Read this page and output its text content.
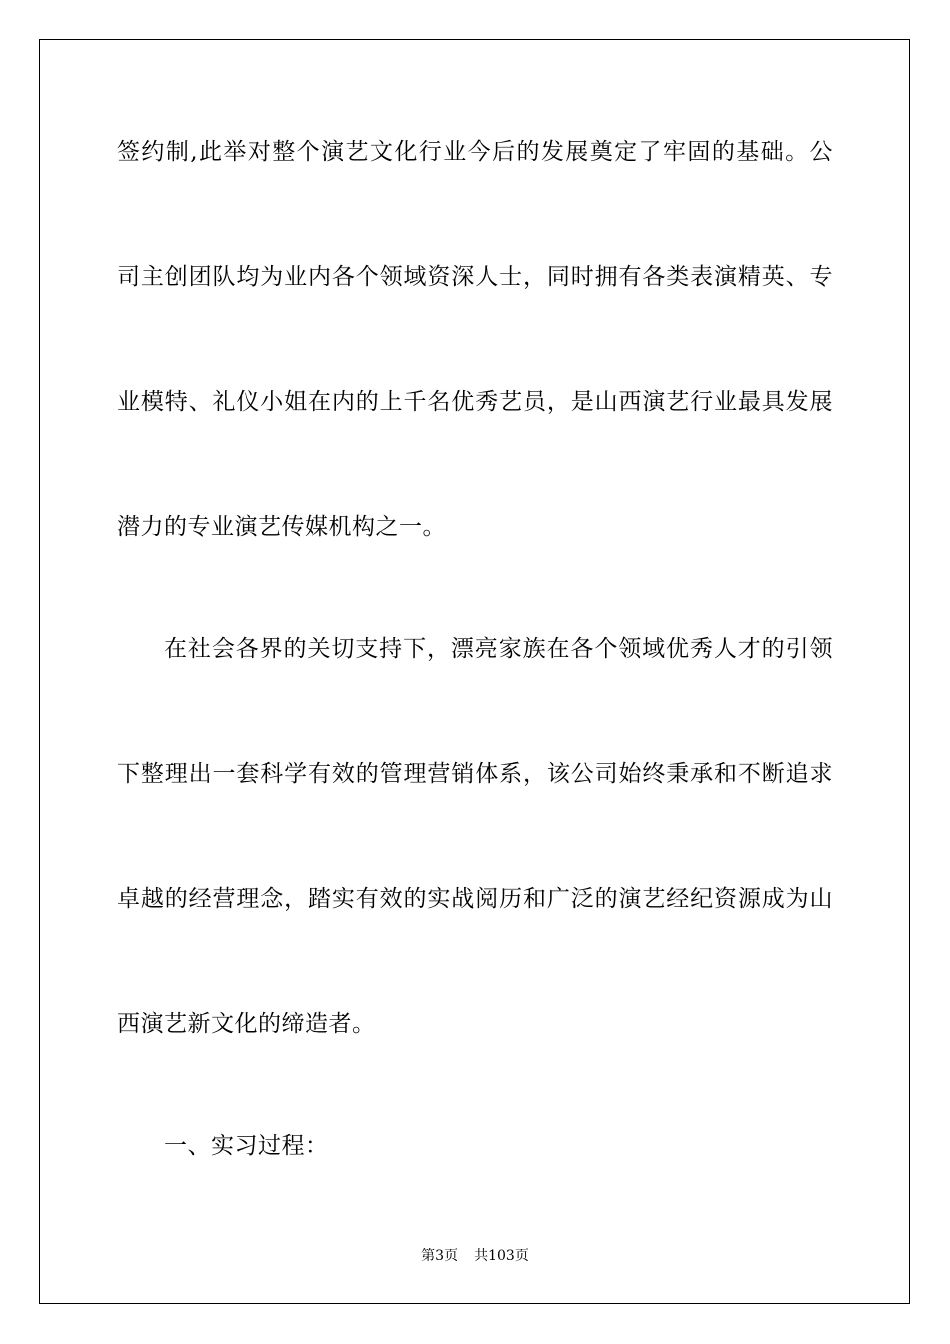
签约制,此举对整个演艺文化行业今后的发展奠定了牢固的基础。公
司主创团队均为业内各个领域资深人士，同时拥有各类表演精英、专
业模特、礼仪小姐在内的上千名优秀艺员，是山西演艺行业最具发展
潜力的专业演艺传媒机构之一。
在社会各界的关切支持下，漂亮家族在各个领域优秀人才的引领
下整理出一套科学有效的管理营销体系，该公司始终秉承和不断追求
卓越的经营理念，踏实有效的实战阅历和广泛的演艺经纪资源成为山
西演艺新文化的缔造者。
一、实习过程：
第3页 共103页
